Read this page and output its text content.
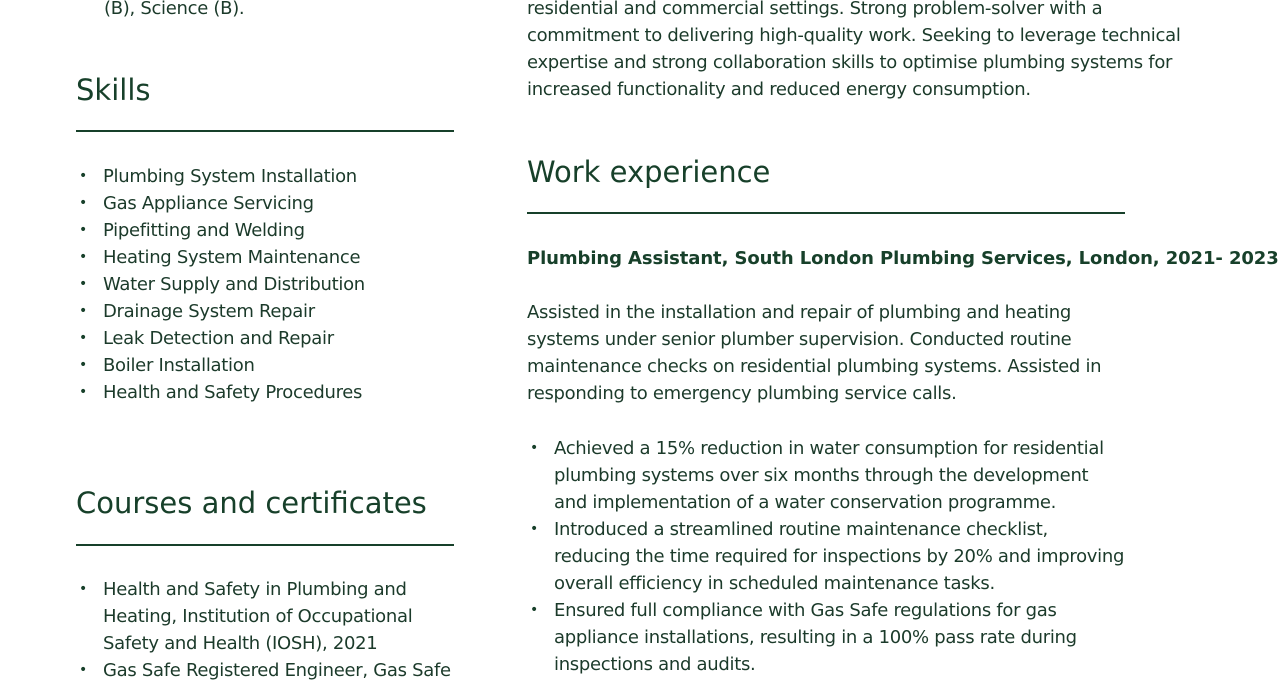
(B), Science (B).

Skills
• Plumbing System Installation
• Gas Appliance Servicing
• Pipefitting and Welding
• Heating System Maintenance
• Water Supply and Distribution
• Drainage System Repair
• Leak Detection and Repair
• Boiler Installation
• Health and Safety Procedures
Courses and certificates
• Health and Safety in Plumbing and Heating, Institution of Occupational Safety and Health (IOSH), 2021
• Gas Safe Registered Engineer, Gas Safe

residential and commercial settings. Strong problem-solver with a

commitment to delivering high-quality work. Seeking to leverage technical

expertise and strong collaboration skills to optimise plumbing systems for

increased functionality and reduced energy consumption.

Work experience
Plumbing Assistant, South London Plumbing Services, London, 2021- 2023

Assisted in the installation and repair of plumbing and heating systems under senior plumber supervision. Conducted routine maintenance checks on residential plumbing systems. Assisted in responding to emergency plumbing service calls.

• Achieved a 15% reduction in water consumption for residential plumbing systems over six months through the development and implementation of a water conservation programme.
• Introduced a streamlined routine maintenance checklist, reducing the time required for inspections by 20% and improving overall efficiency in scheduled maintenance tasks.
• Ensured full compliance with Gas Safe regulations for gas appliance installations, resulting in a 100% pass rate during inspections and audits.
